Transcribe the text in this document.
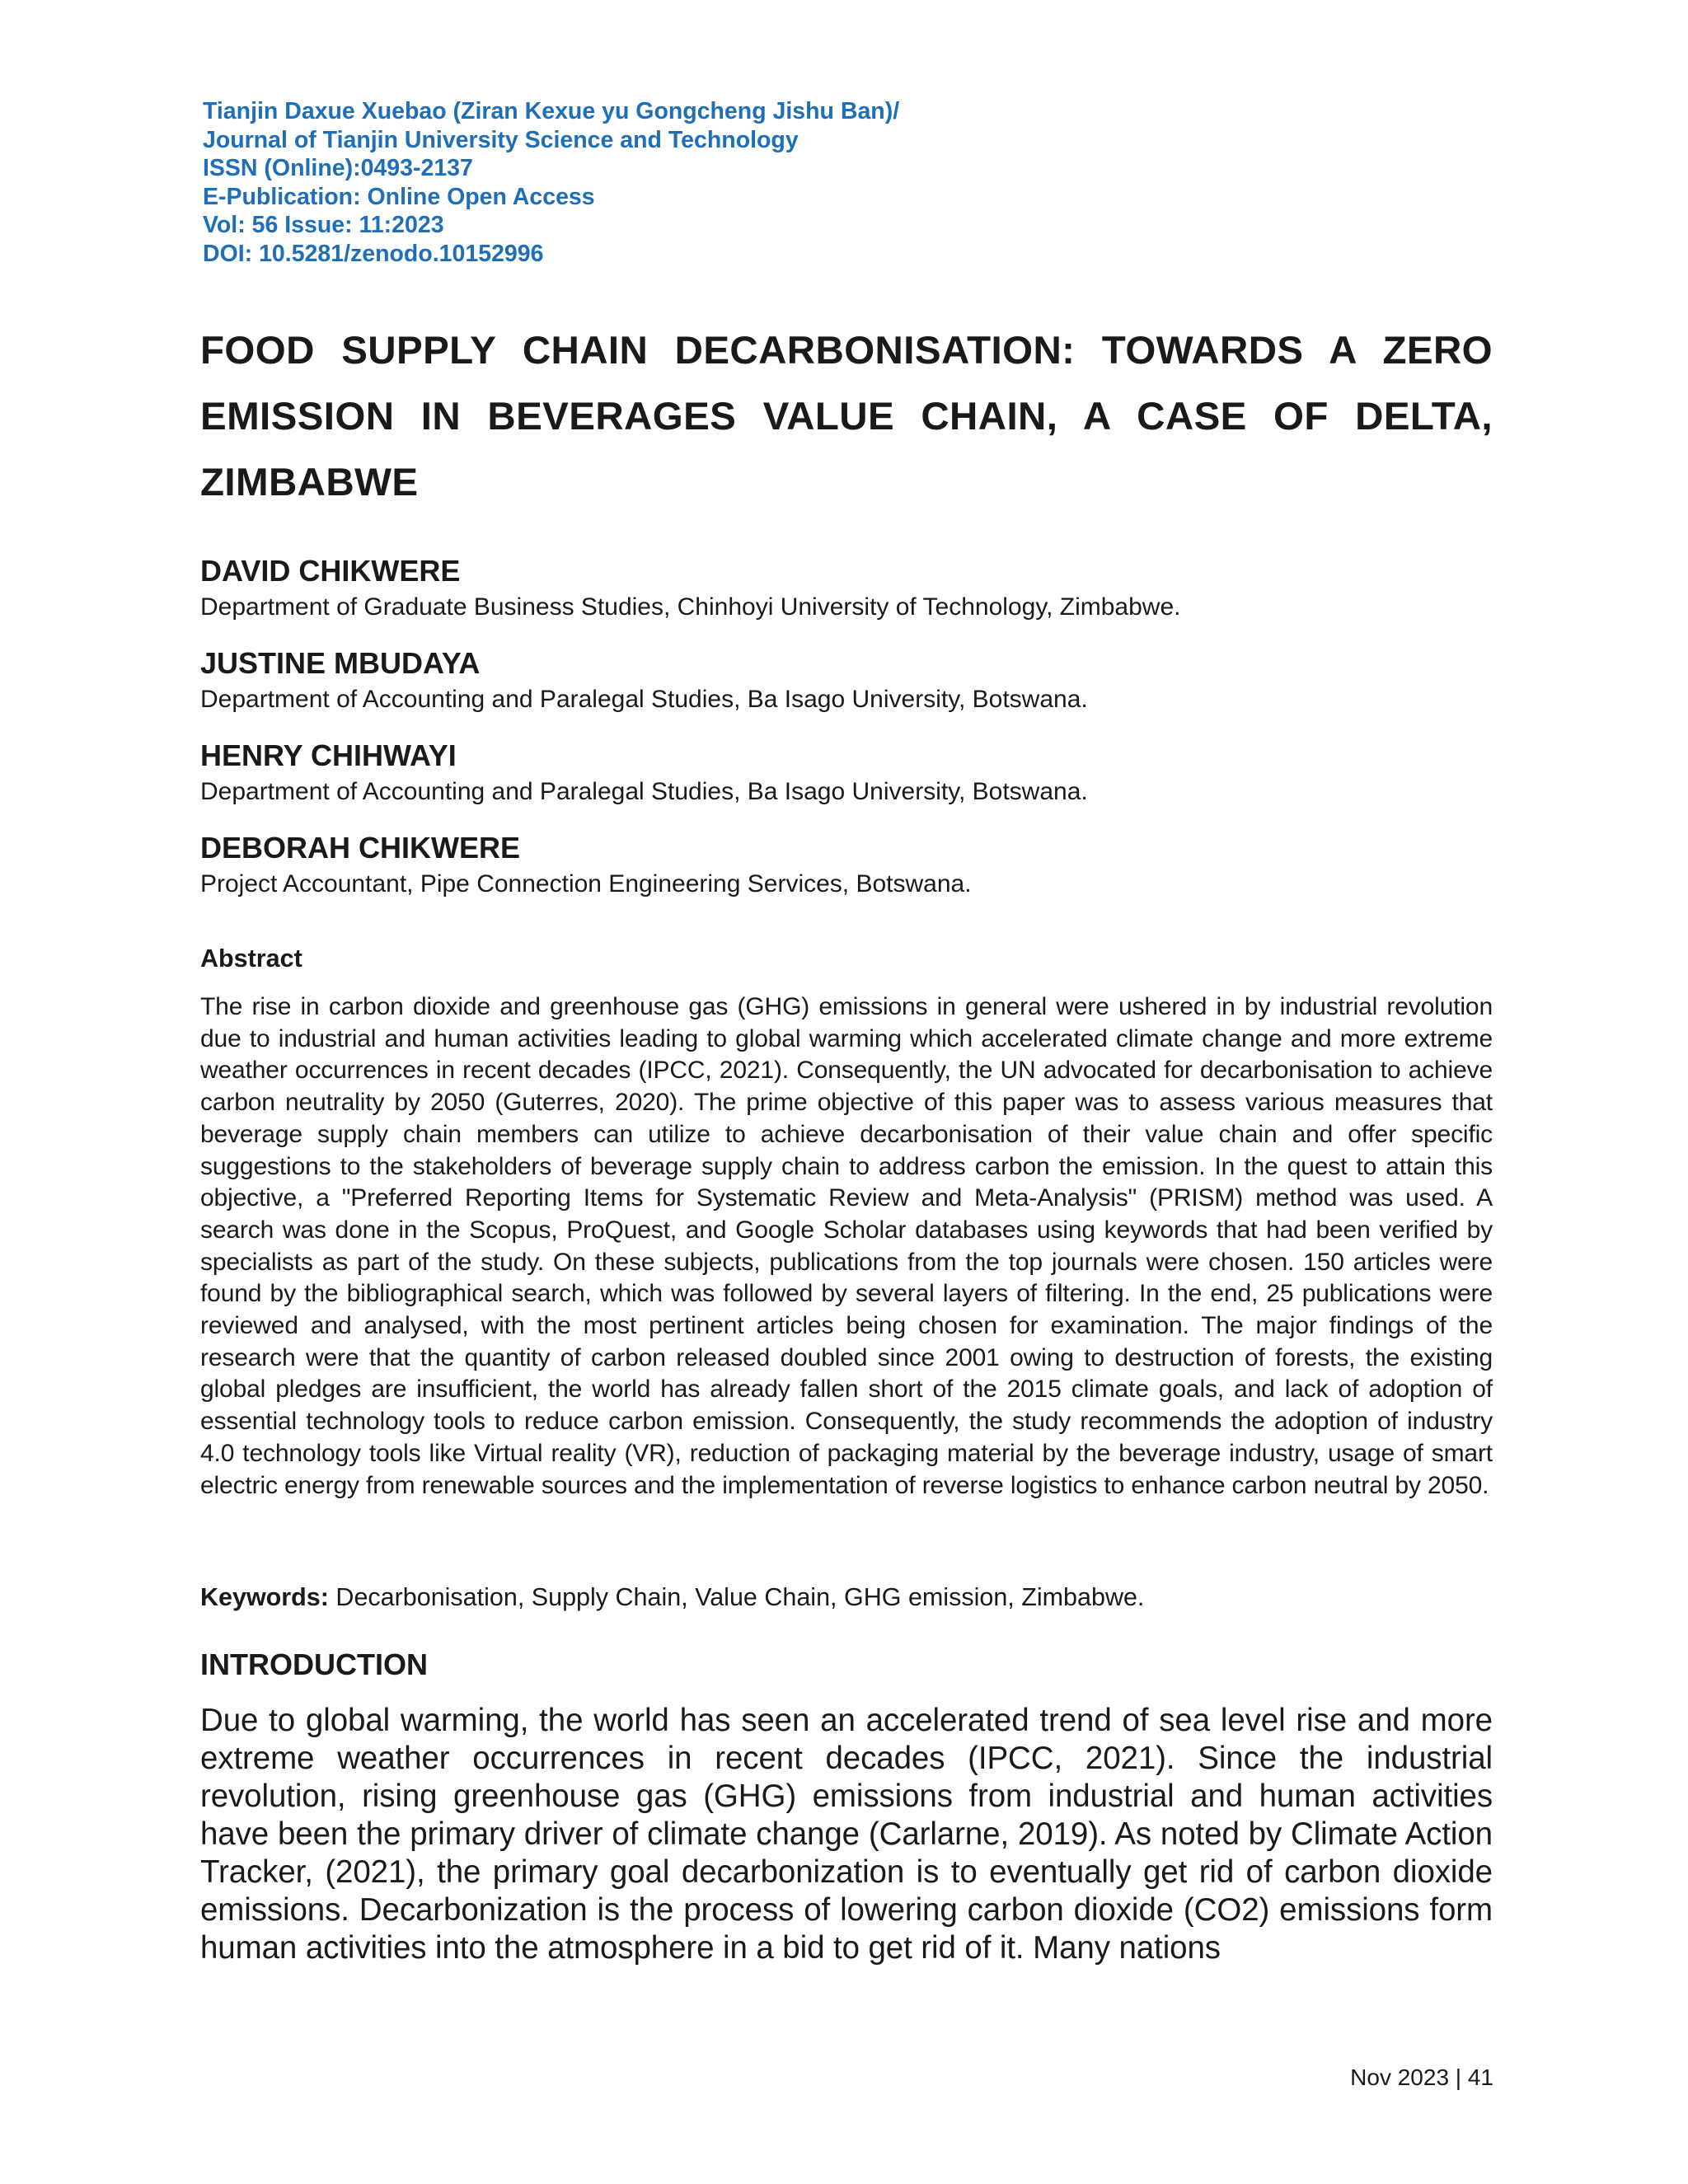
Tianjin Daxue Xuebao (Ziran Kexue yu Gongcheng Jishu Ban)/
Journal of Tianjin University Science and Technology
ISSN (Online):0493-2137
E-Publication: Online Open Access
Vol: 56 Issue: 11:2023
DOI: 10.5281/zenodo.10152996
FOOD SUPPLY CHAIN DECARBONISATION: TOWARDS A ZERO
EMISSION IN BEVERAGES VALUE CHAIN, A CASE OF DELTA,
ZIMBABWE
DAVID CHIKWERE
Department of Graduate Business Studies, Chinhoyi University of Technology, Zimbabwe.
JUSTINE MBUDAYA
Department of Accounting and Paralegal Studies, Ba Isago University, Botswana.
HENRY CHIHWAYI
Department of Accounting and Paralegal Studies, Ba Isago University, Botswana.
DEBORAH CHIKWERE
Project Accountant, Pipe Connection Engineering Services, Botswana.
Abstract
The rise in carbon dioxide and greenhouse gas (GHG) emissions in general were ushered in by industrial revolution due to industrial and human activities leading to global warming which accelerated climate change and more extreme weather occurrences in recent decades (IPCC, 2021). Consequently, the UN advocated for decarbonisation to achieve carbon neutrality by 2050 (Guterres, 2020). The prime objective of this paper was to assess various measures that beverage supply chain members can utilize to achieve decarbonisation of their value chain and offer specific suggestions to the stakeholders of beverage supply chain to address carbon the emission. In the quest to attain this objective, a "Preferred Reporting Items for Systematic Review and Meta-Analysis" (PRISM) method was used. A search was done in the Scopus, ProQuest, and Google Scholar databases using keywords that had been verified by specialists as part of the study. On these subjects, publications from the top journals were chosen. 150 articles were found by the bibliographical search, which was followed by several layers of filtering. In the end, 25 publications were reviewed and analysed, with the most pertinent articles being chosen for examination. The major findings of the research were that the quantity of carbon released doubled since 2001 owing to destruction of forests, the existing global pledges are insufficient, the world has already fallen short of the 2015 climate goals, and lack of adoption of essential technology tools to reduce carbon emission. Consequently, the study recommends the adoption of industry 4.0 technology tools like Virtual reality (VR), reduction of packaging material by the beverage industry, usage of smart electric energy from renewable sources and the implementation of reverse logistics to enhance carbon neutral by 2050.
Keywords: Decarbonisation, Supply Chain, Value Chain, GHG emission, Zimbabwe.
INTRODUCTION
Due to global warming, the world has seen an accelerated trend of sea level rise and more extreme weather occurrences in recent decades (IPCC, 2021). Since the industrial revolution, rising greenhouse gas (GHG) emissions from industrial and human activities have been the primary driver of climate change (Carlarne, 2019). As noted by Climate Action Tracker, (2021), the primary goal decarbonization is to eventually get rid of carbon dioxide emissions. Decarbonization is the process of lowering carbon dioxide (CO2) emissions form human activities into the atmosphere in a bid to get rid of it. Many nations
Nov 2023 | 41
